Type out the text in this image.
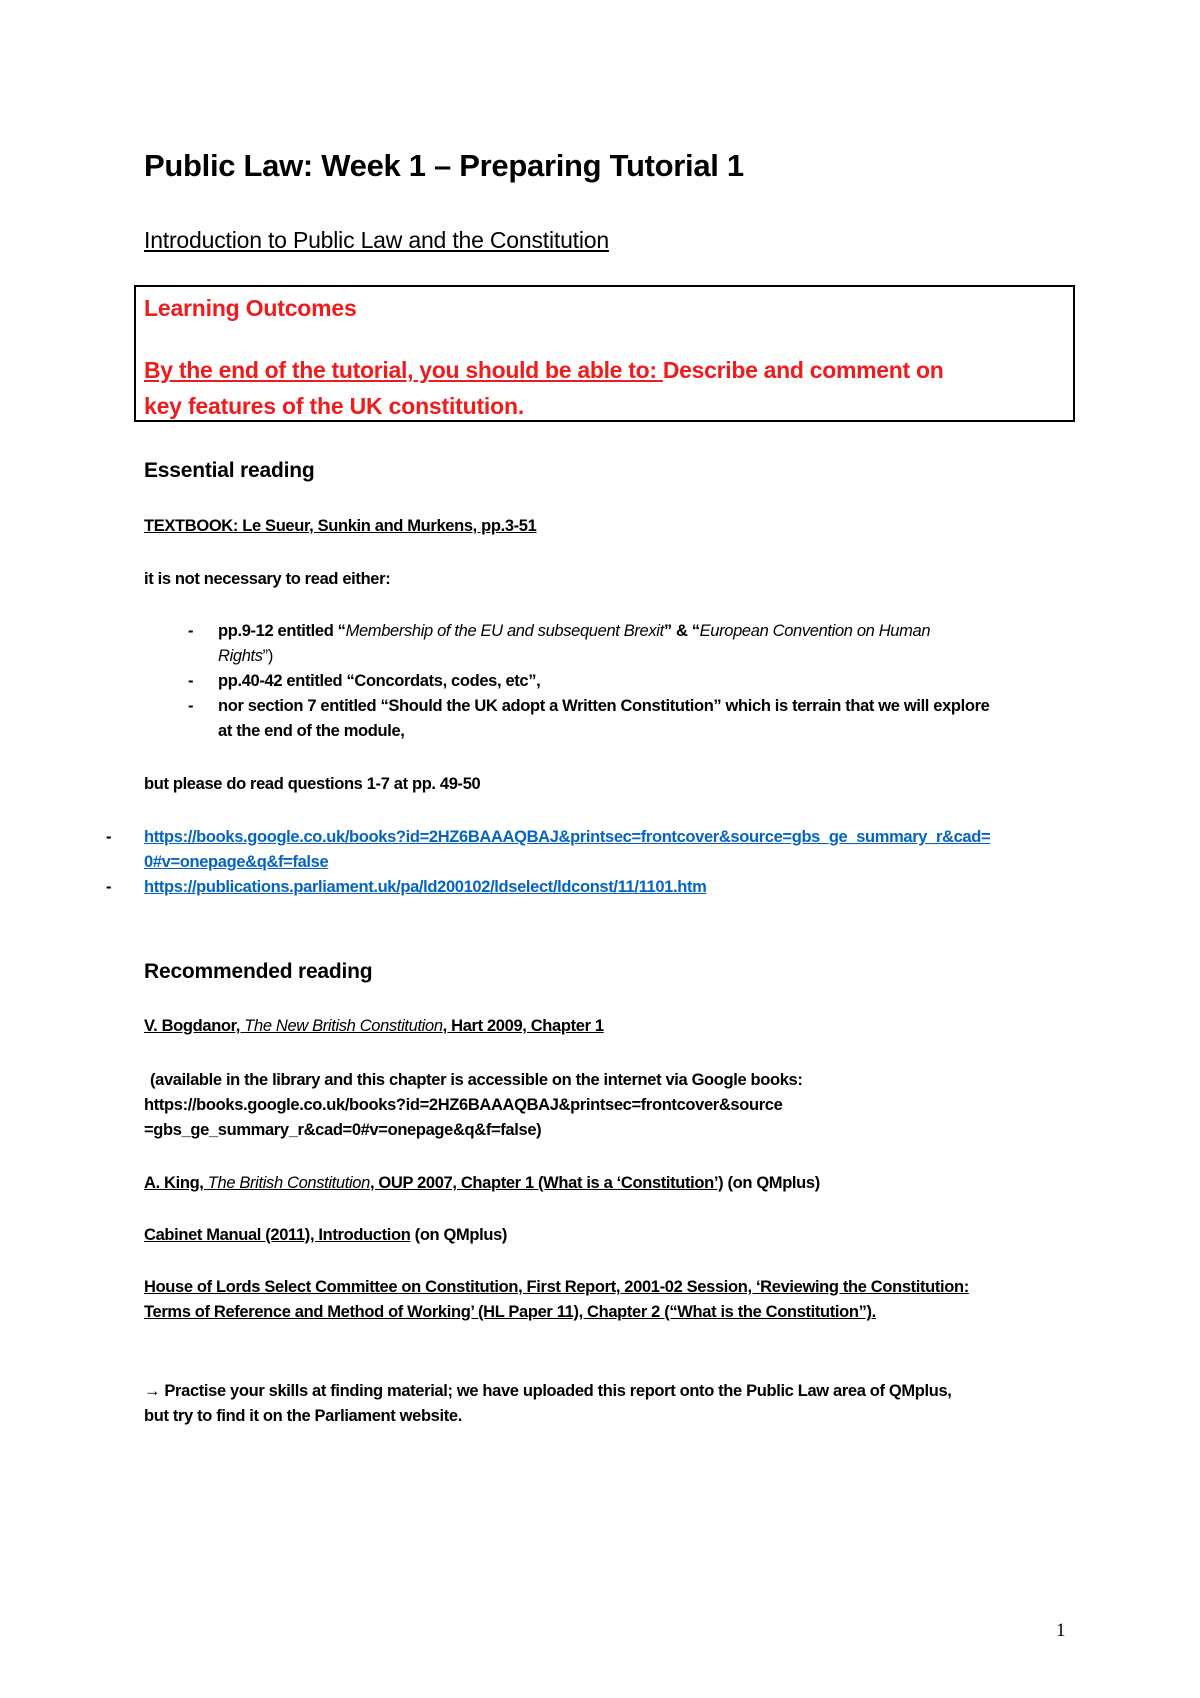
Public Law: Week 1 – Preparing Tutorial 1
Introduction to Public Law and the Constitution
Learning Outcomes
By the end of the tutorial, you should be able to: Describe and comment on
key features of the UK constitution.
Essential reading
TEXTBOOK: Le Sueur, Sunkin and Murkens, pp.3-51
it is not necessary to read either:
- pp.9-12 entitled “Membership of the EU and subsequent Brexit” & “European Convention on Human
Rights”)
- pp.40-42 entitled “Concordats, codes, etc”,
- nor section 7 entitled “Should the UK adopt a Written Constitution” which is terrain that we will explore
at the end of the module,
but please do read questions 1-7 at pp. 49-50
- https://books.google.co.uk/books?id=2HZ6BAAAQBAJ&printsec=frontcover&source=gbs_ge_summary_r&cad=
0#v=onepage&q&f=false
- https://publications.parliament.uk/pa/ld200102/ldselect/ldconst/11/1101.htm
Recommended reading
V. Bogdanor, The New British Constitution, Hart 2009, Chapter 1
(available in the library and this chapter is accessible on the internet via Google books:
https://books.google.co.uk/books?id=2HZ6BAAAQBAJ&printsec=frontcover&source
=gbs_ge_summary_r&cad=0#v=onepage&q&f=false)
A. King, The British Constitution, OUP 2007, Chapter 1 (What is a ‘Constitution’) (on QMplus)
Cabinet Manual (2011), Introduction (on QMplus)
House of Lords Select Committee on Constitution, First Report, 2001-02 Session, ‘Reviewing the Constitution:
Terms of Reference and Method of Working’ (HL Paper 11), Chapter 2 (“What is the Constitution”).
→ Practise your skills at finding material; we have uploaded this report onto the Public Law area of QMplus,
but try to find it on the Parliament website.
1
